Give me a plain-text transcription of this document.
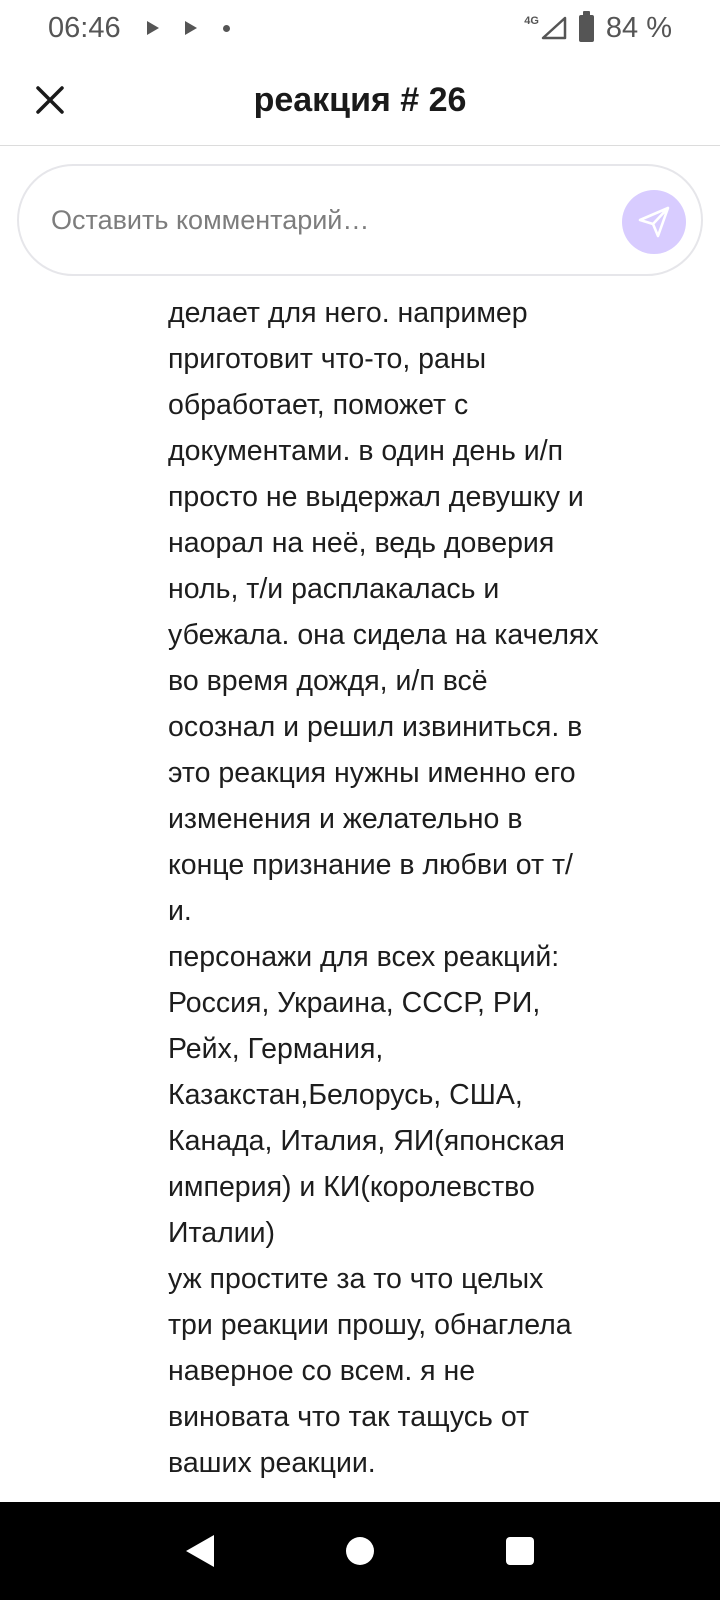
06:46	4G 84 %
реакция # 26
Оставить комментарий…
делает для него. например
приготовит что-то, раны
обработает, поможет с
документами. в один день и/п
просто не выдержал девушку и
наорал на неё, ведь доверия
ноль, т/и расплакалась и
убежала. она сидела на качелях
во время дождя, и/п всё
осознал и решил извиниться. в
это реакция нужны именно его
изменения и желательно в
конце признание в любви от т/
и.
персонажи для всех реакций:
Россия, Украина, СССР, РИ,
Рейх, Германия,
Казакстан,Белорусь, США,
Канада, Италия, ЯИ(японская
империя) и КИ(королевство
Италии)
уж простите за то что целых
три реакции прошу, обнаглела
наверное со всем. я не
виновата что так тащусь от
ваших реакции.
